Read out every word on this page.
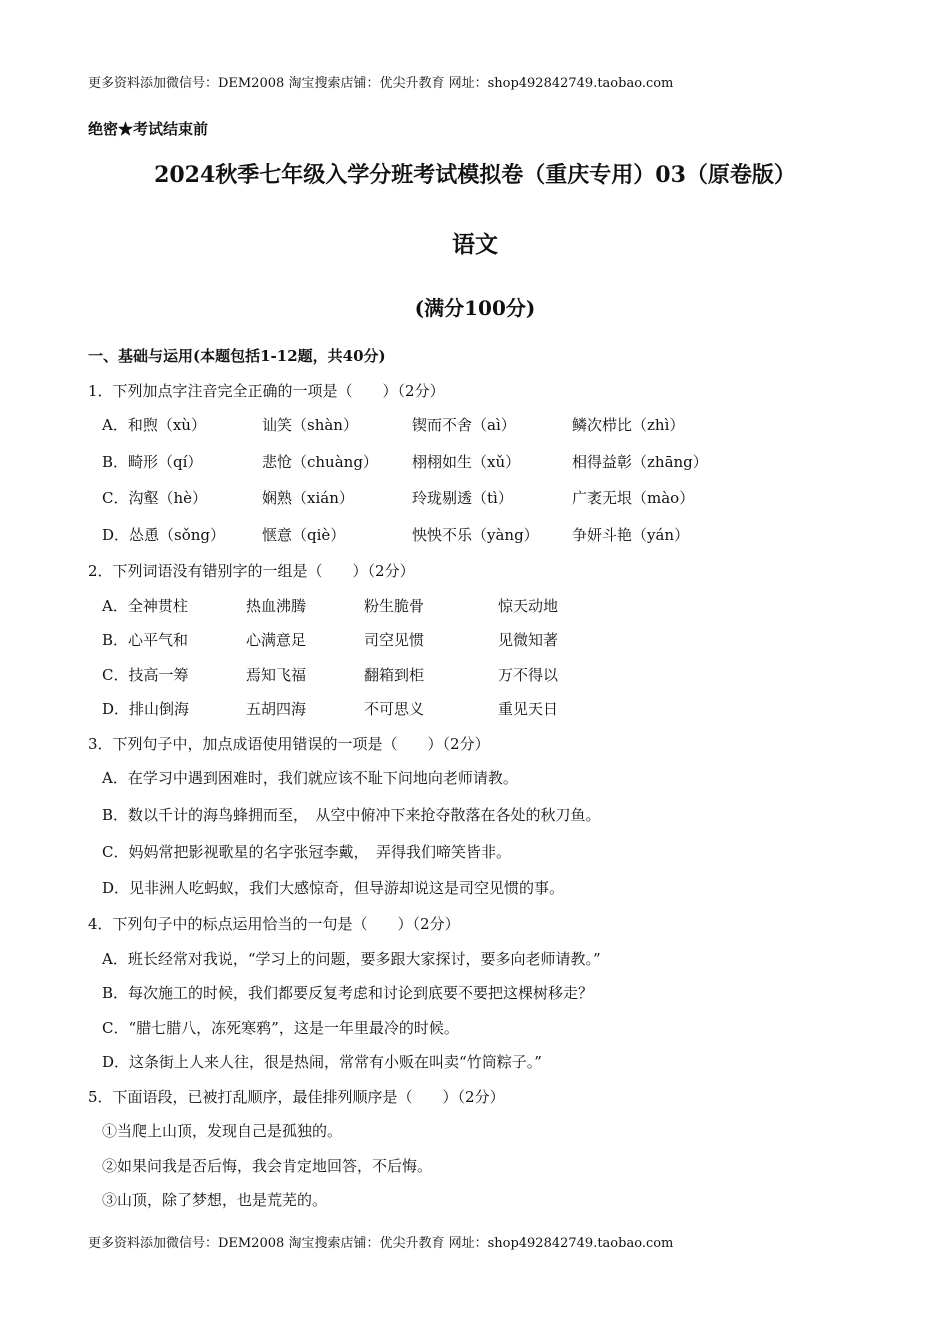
更多资料添加微信号：DEM2008 淘宝搜索店铺：优尖升教育 网址：shop492842749.taobao.com
绝密★考试结束前
2024秋季七年级入学分班考试模拟卷（重庆专用）03（原卷版）
语文
(满分100分)
一、基础与运用(本题包括1-12题，共40分)
1．下列加点字注音完全正确的一项是（　　）（2分）
A．和煦（xù）	讪笑（shàn）	锲而不舍（aì）	鳞次栉比（zhì）
B．畸形（qí）	悲怆（chuàng） 栩栩如生（xǔ）	相得益彰（zhāng）
C．沟壑（hè）	娴熟（xián）	玲珑剔透（tì）	广袤无垠（mào）
D．怂恿（sǒng） 惬意（qiè）	怏怏不乐（yàng） 争妍斗艳（yán）
2．下列词语没有错别字的一组是（　　）（2分）
A．全神贯柱	热血沸腾	粉生脆骨	惊天动地
B．心平气和	心满意足	司空见惯	见微知著
C．技高一筹	焉知飞福	翻箱到柜	万不得以
D．排山倒海	五胡四海	不可思义	重见天日
3．下列句子中，加点成语使用错误的一项是（　　）（2分）
A．在学习中遇到困难时，我们就应该不耻下问地向老师请教。
B．数以千计的海鸟蜂拥而至，　从空中俯冲下来抢夺散落在各处的秋刀鱼。
C．妈妈常把影视歌星的名字张冠李戴，　弄得我们啼笑皆非。
D．见非洲人吃蚂蚁，我们大感惊奇，但导游却说这是司空见惯的事。
4．下列句子中的标点运用恰当的一句是（　　）（2分）
A．班长经常对我说，“学习上的问题，要多跟大家探讨，要多向老师请教。”
B．每次施工的时候，我们都要反复考虑和讨论到底要不要把这棵树移走？
C．“腊七腊八，冻死寒鸦”，这是一年里最冷的时候。
D．这条街上人来人往，很是热闹，常常有小贩在叫卖“竹筒粽子。”
5．下面语段，已被打乱顺序，最佳排列顺序是（　　）（2分）
①当爬上山顶，发现自己是孤独的。
②如果问我是否后悔，我会肯定地回答，不后悔。
③山顶，除了梦想，也是荒芜的。
更多资料添加微信号：DEM2008 淘宝搜索店铺：优尖升教育 网址：shop492842749.taobao.com
